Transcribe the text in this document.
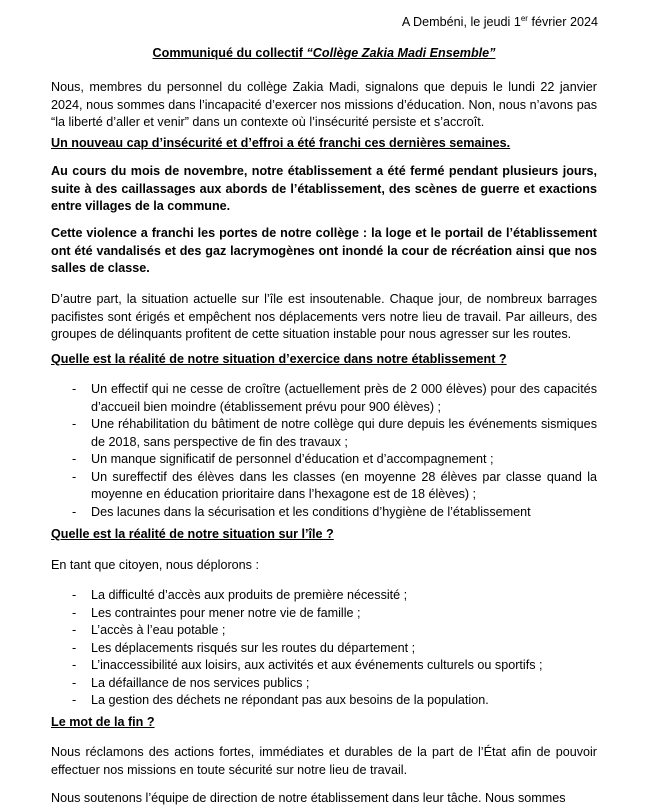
A Dembéni, le jeudi 1er février 2024
Communiqué du collectif “Collège Zakia Madi Ensemble”
Nous, membres du personnel du collège Zakia Madi, signalons que depuis le lundi 22 janvier 2024, nous sommes dans l’incapacité d’exercer nos missions d’éducation. Non, nous n’avons pas “la liberté d’aller et venir” dans un contexte où l’insécurité persiste et s’accroît.
Un nouveau cap d’insécurité et d’effroi a été franchi ces dernières semaines.
Au cours du mois de novembre, notre établissement a été fermé pendant plusieurs jours, suite à des caillassages aux abords de l’établissement, des scènes de guerre et exactions entre villages de la commune.
Cette violence a franchi les portes de notre collège : la loge et le portail de l’établissement ont été vandalisés et des gaz lacrymogènes ont inondé la cour de récréation ainsi que nos salles de classe.
D’autre part, la situation actuelle sur l’île est insoutenable. Chaque jour, de nombreux barrages pacifistes sont érigés et empêchent nos déplacements vers notre lieu de travail. Par ailleurs, des groupes de délinquants profitent de cette situation instable pour nous agresser sur les routes.
Quelle est la réalité de notre situation d’exercice dans notre établissement ?
- Un effectif qui ne cesse de croître (actuellement près de 2 000 élèves) pour des capacités d’accueil bien moindre (établissement prévu pour 900 élèves) ;
- Une réhabilitation du bâtiment de notre collège qui dure depuis les événements sismiques de 2018, sans perspective de fin des travaux ;
- Un manque significatif de personnel d’éducation et d’accompagnement ;
- Un sureffectif des élèves dans les classes (en moyenne 28 élèves par classe quand la moyenne en éducation prioritaire dans l’hexagone est de 18 élèves) ;
- Des lacunes dans la sécurisation et les conditions d’hygiène de l’établissement
Quelle est la réalité de notre situation sur l’île ?
En tant que citoyen, nous déplorons :
- La difficulté d’accès aux produits de première nécessité ;
- Les contraintes pour mener notre vie de famille ;
- L’accès à l’eau potable ;
- Les déplacements risqués sur les routes du département ;
- L’inaccessibilité aux loisirs, aux activités et aux événements culturels ou sportifs ;
- La défaillance de nos services publics ;
- La gestion des déchets ne répondant pas aux besoins de la population.
Le mot de la fin ?
Nous réclamons des actions fortes, immédiates et durables de la part de l’État afin de pouvoir effectuer nos missions en toute sécurité sur notre lieu de travail.
Nous soutenons l’équipe de direction de notre établissement dans leur tâche. Nous sommes
